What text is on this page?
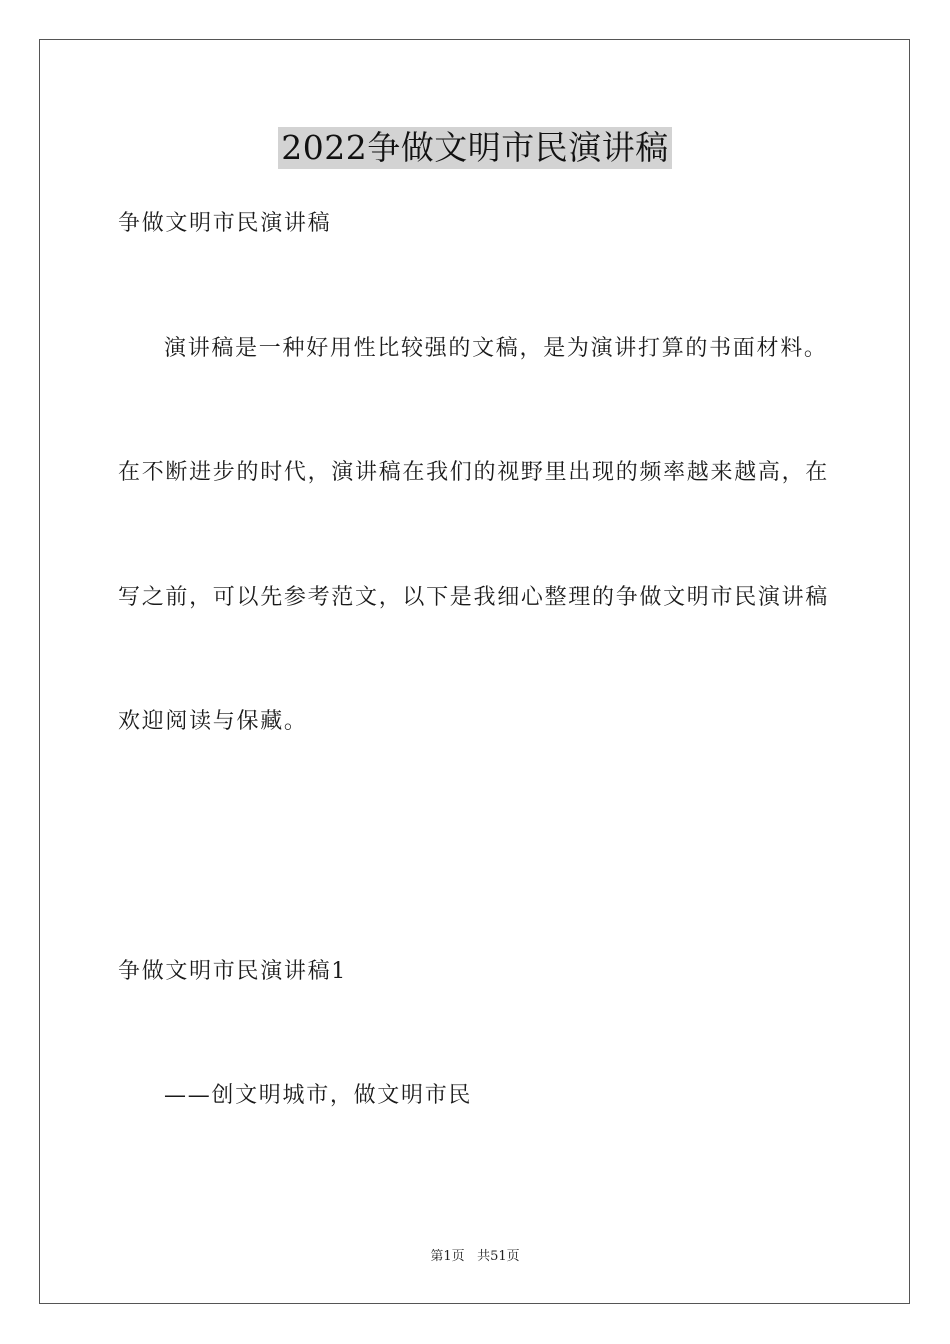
2022争做文明市民演讲稿
争做文明市民演讲稿
演讲稿是一种好用性比较强的文稿，是为演讲打算的书面材料。
在不断进步的时代，演讲稿在我们的视野里出现的频率越来越高，在
写之前，可以先参考范文，以下是我细心整理的争做文明市民演讲稿
欢迎阅读与保藏。
争做文明市民演讲稿1
——创文明城市，做文明市民
第1页 共51页
